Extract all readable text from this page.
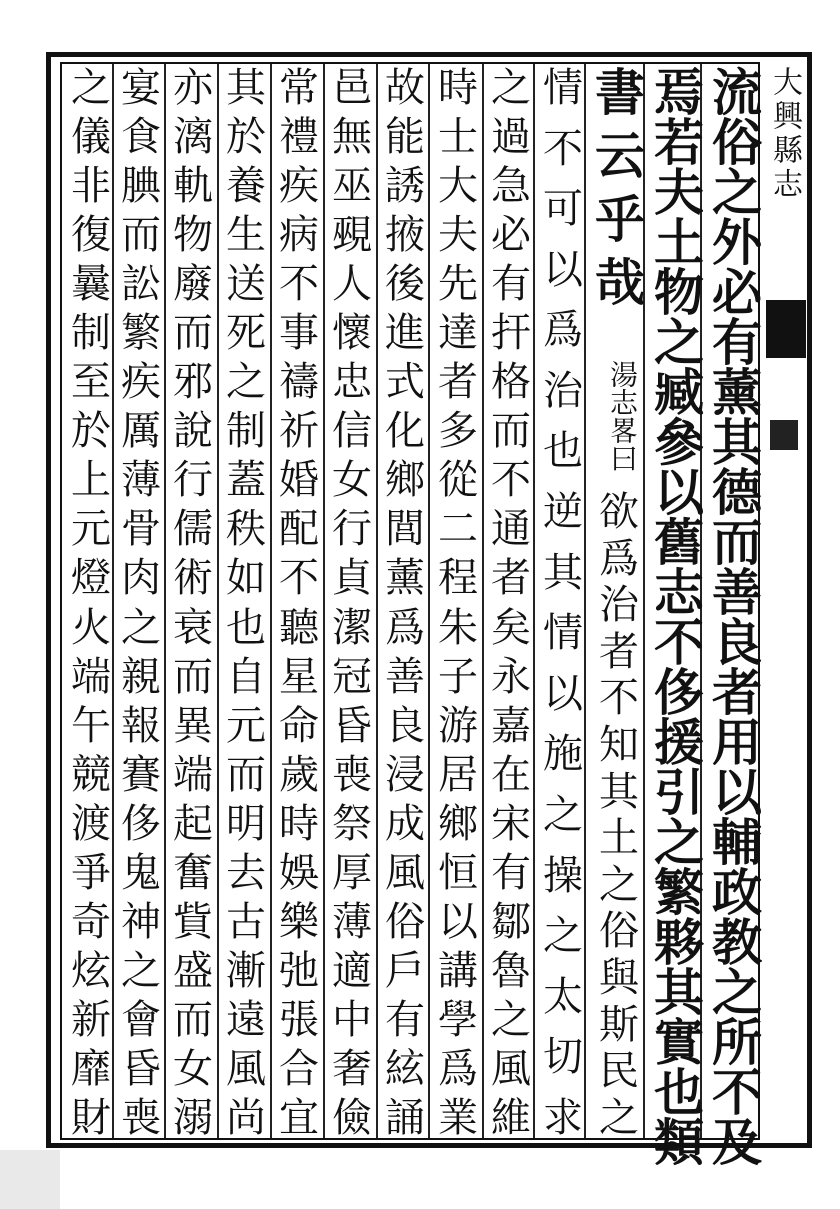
大興縣志
流
俗
之
外
必
有
薰
其
德
而
善
良
者
用
以
輔
政
教
之
所
不
及
焉
若
夫
土
物
之
臧
參
以
舊
志
不
侈
援
引
之
繁
夥
其
實
也
類
書
云
乎
哉
湯志畧曰
情
不
可
以
爲
治
也
逆
其
情
以
施
之
操
之
太
切
求
欲
爲
治
者
不
知
其
土
之
俗
與
斯
民
之
之
過
急
必
有
扞
格
而
不
通
者
矣
永
嘉
在
宋
有
鄒
魯
之
風
維
時
士
大
夫
先
達
者
多
從
二
程
朱
子
游
居
鄉
恒
以
講
學
爲
業
故
能
誘
掖
後
進
式
化
鄉
閭
薰
爲
善
良
浸
成
風
俗
戶
有
絃
誦
邑
無
巫
覡
人
懷
忠
信
女
行
貞
潔
冠
昏
喪
祭
厚
薄
適
中
奢
儉
常
禮
疾
病
不
事
禱
祈
婚
配
不
聽
星
命
歲
時
娛
樂
弛
張
合
宜
其
於
養
生
送
死
之
制
蓋
秩
如
也
自
元
而
明
去
古
漸
遠
風
尚
亦
漓
軌
物
廢
而
邪
說
行
儒
術
衰
而
異
端
起
奮
貲
盛
而
女
溺
宴
食
腆
而
訟
繁
疾
厲
薄
骨
肉
之
親
報
賽
侈
鬼
神
之
會
昏
喪
之
儀
非
復
曩
制
至
於
上
元
燈
火
端
午
競
渡
爭
奇
炫
新
靡
財
